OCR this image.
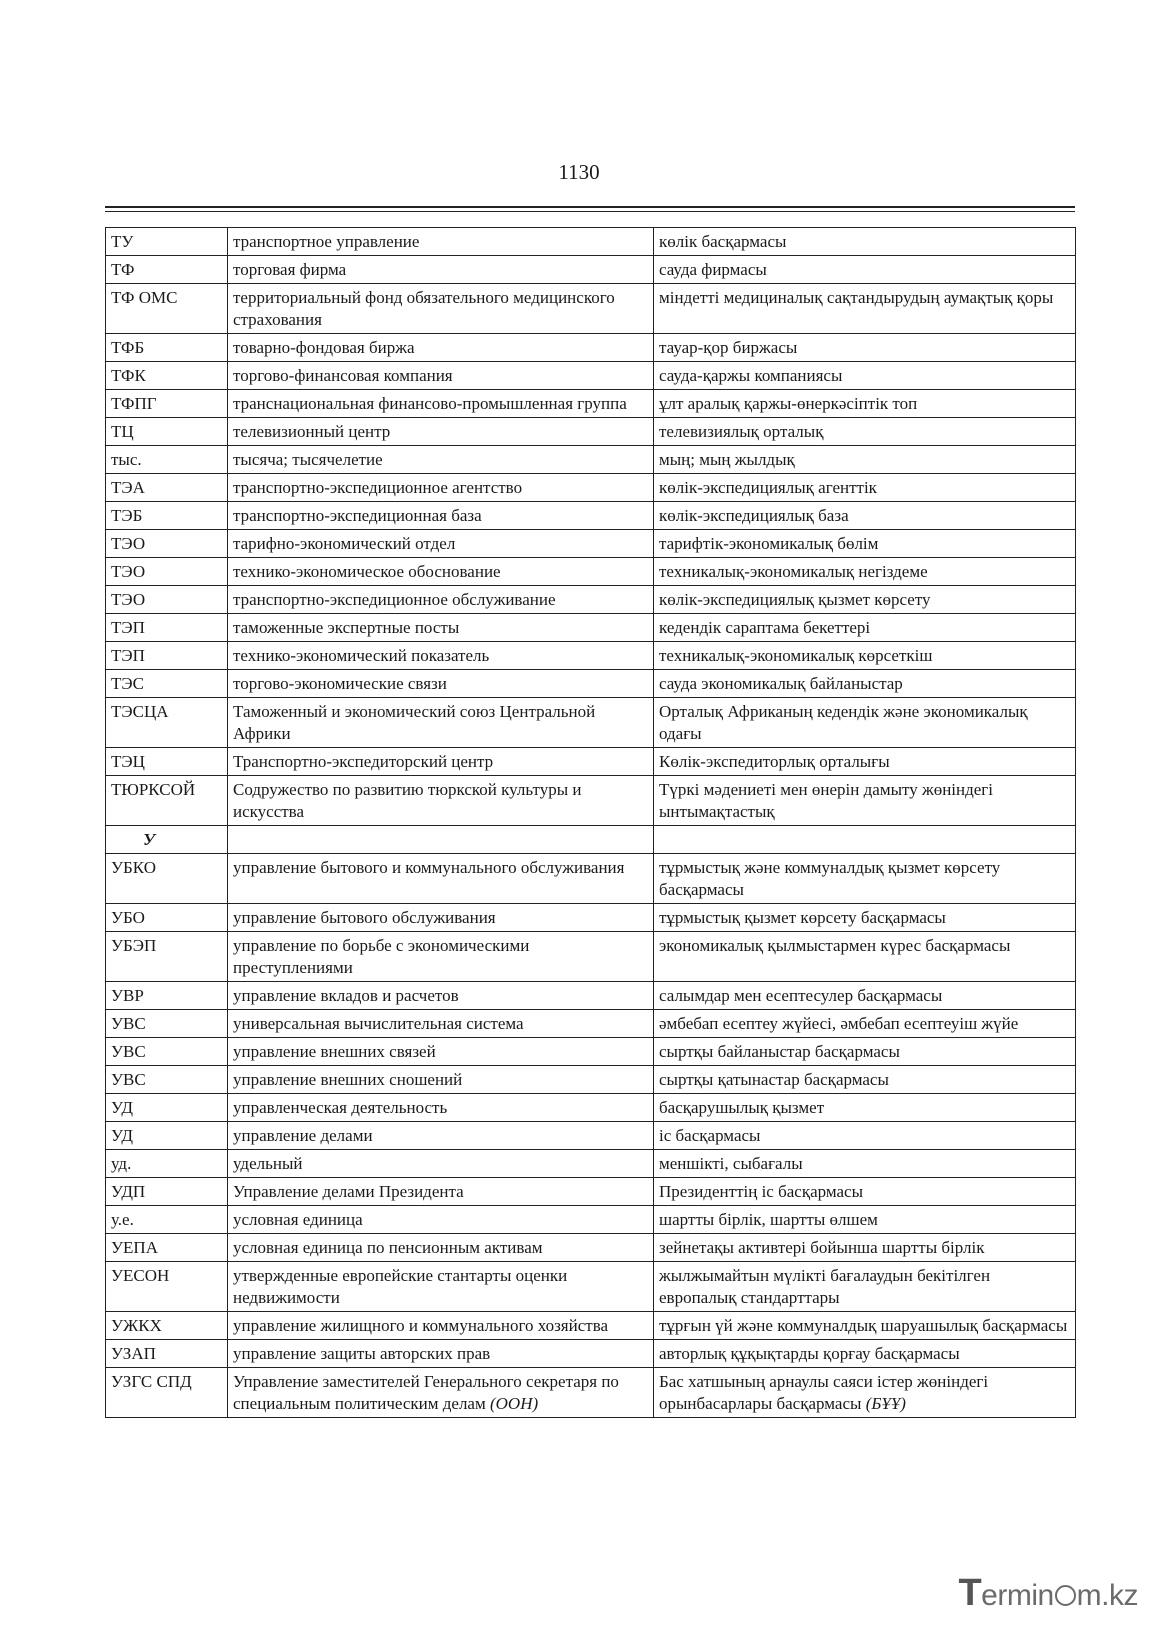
1130
ТУ	транспортное управление	көлік басқармасы
ТФ	торговая фирма	сауда фирмасы
ТФ ОМС	территориальный фонд обязательного медицинского страхования	міндетті медициналық сақтандырудың аумақтық қоры
ТФБ	товарно-фондовая биржа	тауар-қор биржасы
ТФК	торгово-финансовая компания	сауда-қаржы компаниясы
ТФПГ	транснациональная финансово-промышленная группа	ұлт аралық қаржы-өнеркәсіптік топ
ТЦ	телевизионный центр	телевизиялық орталық
тыс.	тысяча; тысячелетие	мың; мың жылдық
ТЭА	транспортно-экспедиционное агентство	көлік-экспедициялық агенттік
ТЭБ	транспортно-экспедиционная база	көлік-экспедициялық база
ТЭО	тарифно-экономический отдел	тарифтік-экономикалық бөлім
ТЭО	технико-экономическое обоснование	техникалық-экономикалық негіздеме
ТЭО	транспортно-экспедиционное обслуживание	көлік-экспедициялық қызмет көрсету
ТЭП	таможенные экспертные посты	кедендік сараптама бекеттері
ТЭП	технико-экономический показатель	техникалық-экономикалық көрсеткіш
ТЭС	торгово-экономические связи	сауда экономикалық байланыстар
ТЭСЦА	Таможенный и экономический союз Центральной Африки	Орталық Африканың кедендік және экономикалық одағы
ТЭЦ	Транспортно-экспедиторский центр	Көлік-экспедиторлық орталығы
ТЮРКСОЙ	Содружество по развитию тюркской культуры и искусства	Түркі мәдениеті мен өнерін дамыту жөніндегі ынтымақтастық
У		
УБКО	управление бытового и коммунального обслуживания	тұрмыстық және коммуналдық қызмет көрсету басқармасы
УБО	управление бытового обслуживания	тұрмыстық қызмет көрсету басқармасы
УБЭП	управление по борьбе с экономическими преступлениями	экономикалық қылмыстармен күрес басқармасы
УВР	управление вкладов и расчетов	салымдар мен есептесулер басқармасы
УВС	универсальная вычислительная система	әмбебап есептеу жүйесі, әмбебап есептеуіш жүйе
УВС	управление внешних связей	сыртқы байланыстар басқармасы
УВС	управление внешних сношений	сыртқы қатынастар басқармасы
УД	управленческая деятельность	басқарушылық қызмет
УД	управление делами	іс басқармасы
уд.	удельный	меншікті, сыбағалы
УДП	Управление делами Президента	Президенттің іс басқармасы
у.е.	условная единица	шартты бірлік, шартты өлшем
УЕПА	условная единица по пенсионным активам	зейнетақы активтері бойынша шартты бірлік
УЕСОН	утвержденные европейские стантарты оценки недвижимости	жылжымайтын мүлікті бағалаудын бекітілген европалық стандарттары
УЖКХ	управление жилищного и коммунального хозяйства	тұрғын үй және коммуналдық шаруашылық басқармасы
УЗАП	управление защиты авторских прав	авторлық құқықтарды қорғау басқармасы
УЗГС СПД	Управление заместителей Генерального секретаря по специальным политическим делам (ООН)	Бас хатшының арнаулы саяси істер жөніндегі орынбасарлары басқармасы (БҰҰ)
Termin m.kz
